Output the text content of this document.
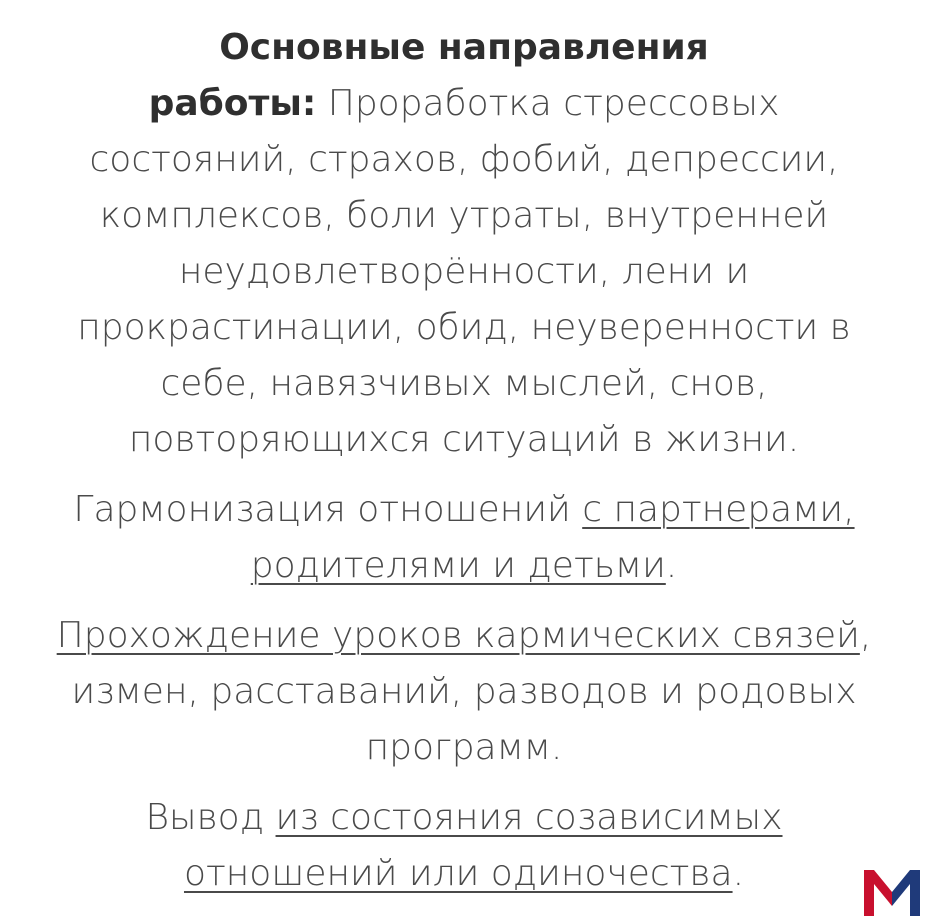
Основные направления
работы: Проработка стрессовых состояний, страхов, фобий, депрессии, комплексов, боли утраты, внутренней неудовлетворённости, лени и прокрастинации, обид, неуверенности в себе, навязчивых мыслей, снов, повторяющихся ситуаций в жизни.

Гармонизация отношений с партнерами, родителями и детьми.

Прохождение уроков кармических связей, измен, расставаний, разводов и родовых программ.

Вывод из состояния созависимых отношений или одиночества.
